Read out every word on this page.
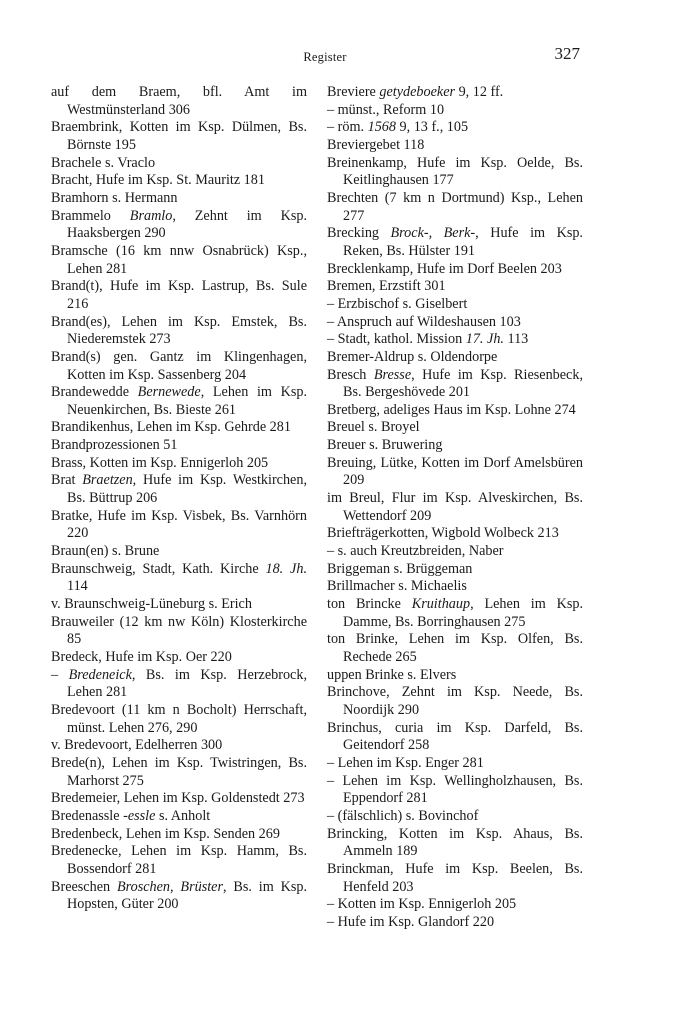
Register	327

auf dem Braem, bfl. Amt im Westmünsterland 306

Braembrink, Kotten im Ksp. Dülmen, Bs. Börnste 195

Brachele s. Vraclo

Bracht, Hufe im Ksp. St. Mauritz 181

Bramhorn s. Hermann

Brammelo Bramlo, Zehnt im Ksp. Haaksbergen 290

Bramsche (16 km nnw Osnabrück) Ksp., Lehen 281

Brand(t), Hufe im Ksp. Lastrup, Bs. Sule 216

Brand(es), Lehen im Ksp. Emstek, Bs. Niederemstek 273

Brand(s) gen. Gantz im Klingenhagen, Kotten im Ksp. Sassenberg 204

Brandewedde Bernewede, Lehen im Ksp. Neuenkirchen, Bs. Bieste 261

Brandikenhus, Lehen im Ksp. Gehrde 281

Brandprozessionen 51

Brass, Kotten im Ksp. Ennigerloh 205

Brat Braetzen, Hufe im Ksp. Westkirchen, Bs. Büttrup 206

Bratke, Hufe im Ksp. Visbek, Bs. Varnhörn 220

Braun(en) s. Brune

Braunschweig, Stadt, Kath. Kirche 18. Jh. 114

v. Braunschweig-Lüneburg s. Erich

Brauweiler (12 km nw Köln) Klosterkirche 85

Bredeck, Hufe im Ksp. Oer 220

– Bredeneick, Bs. im Ksp. Herzebrock, Lehen 281

Bredevoort (11 km n Bocholt) Herrschaft, münst. Lehen 276, 290

v. Bredevoort, Edelherren 300

Brede(n), Lehen im Ksp. Twistringen, Bs. Marhorst 275

Bredemeier, Lehen im Ksp. Goldenstedt 273

Bredenassle -essle s. Anholt

Bredenbeck, Lehen im Ksp. Senden 269

Bredenecke, Lehen im Ksp. Hamm, Bs. Bossendorf 281

Breeschen Broschen, Brüster, Bs. im Ksp. Hopsten, Güter 200

Breviere getydeboeker 9, 12 ff.

– münst., Reform 10

– röm. 1568 9, 13 f., 105

Breviergebet 118

Breinenkamp, Hufe im Ksp. Oelde, Bs. Keitlinghausen 177

Brechten (7 km n Dortmund) Ksp., Lehen 277

Brecking Brock-, Berk-, Hufe im Ksp. Reken, Bs. Hülster 191

Brecklenkamp, Hufe im Dorf Beelen 203

Bremen, Erzstift 301

– Erzbischof s. Giselbert

– Anspruch auf Wildeshausen 103

– Stadt, kathol. Mission 17. Jh. 113

Bremer-Aldrup s. Oldendorpe

Bresch Bresse, Hufe im Ksp. Riesenbeck, Bs. Bergeshövede 201

Bretberg, adeliges Haus im Ksp. Lohne 274

Breuel s. Broyel

Breuer s. Bruwering

Breuing, Lütke, Kotten im Dorf Amelsbüren 209

im Breul, Flur im Ksp. Alveskirchen, Bs. Wettendorf 209

Briefträgerkotten, Wigbold Wolbeck 213

– s. auch Kreutzbreiden, Naber

Briggeman s. Brüggeman

Brillmacher s. Michaelis

ton Brincke Kruithaup, Lehen im Ksp. Damme, Bs. Borringhausen 275

ton Brinke, Lehen im Ksp. Olfen, Bs. Rechede 265

uppen Brinke s. Elvers

Brinchove, Zehnt im Ksp. Neede, Bs. Noordijk 290

Brinchus, curia im Ksp. Darfeld, Bs. Geitendorf 258

– Lehen im Ksp. Enger 281

– Lehen im Ksp. Wellingholzhausen, Bs. Eppendorf 281

– (fälschlich) s. Bovinchof

Brincking, Kotten im Ksp. Ahaus, Bs. Ammeln 189

Brinckman, Hufe im Ksp. Beelen, Bs. Henfeld 203

– Kotten im Ksp. Ennigerloh 205

– Hufe im Ksp. Glandorf 220
